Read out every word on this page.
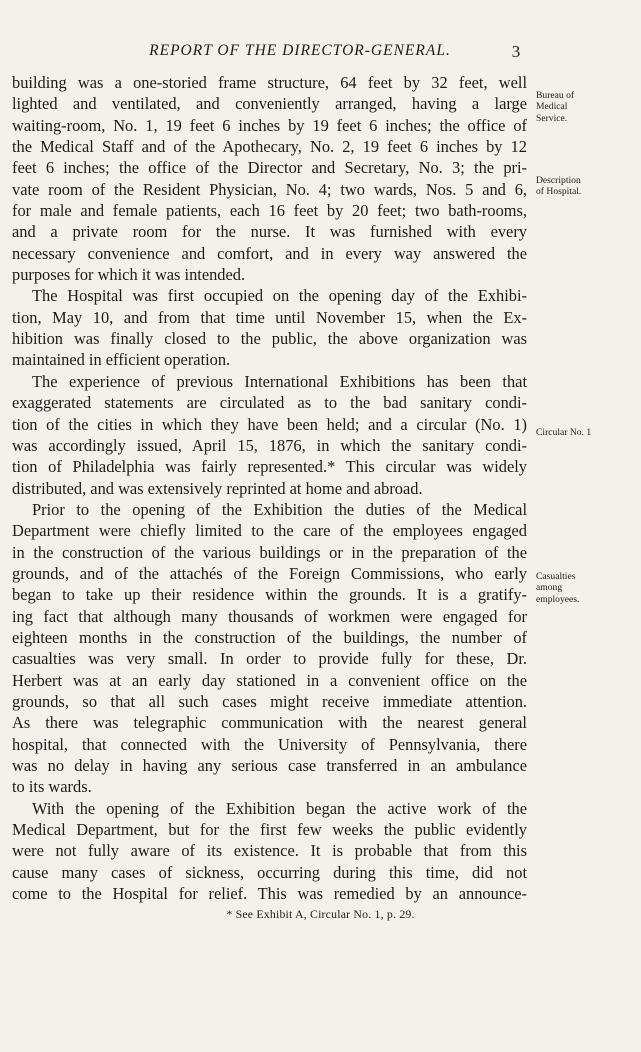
REPORT OF THE DIRECTOR-GENERAL.	3
building was a one-storied frame structure, 64 feet by 32 feet, well
lighted and ventilated, and conveniently arranged, having a large
waiting-room, No. 1, 19 feet 6 inches by 19 feet 6 inches; the office of
the Medical Staff and of the Apothecary, No. 2, 19 feet 6 inches by 12
feet 6 inches; the office of the Director and Secretary, No. 3; the pri-
vate room of the Resident Physician, No. 4; two wards, Nos. 5 and 6,
for male and female patients, each 16 feet by 20 feet; two bath-rooms,
and a private room for the nurse. It was furnished with every
necessary convenience and comfort, and in every way answered the
purposes for which it was intended.
The Hospital was first occupied on the opening day of the Exhibi-
tion, May 10, and from that time until November 15, when the Ex-
hibition was finally closed to the public, the above organization was
maintained in efficient operation.
The experience of previous International Exhibitions has been that
exaggerated statements are circulated as to the bad sanitary condi-
tion of the cities in which they have been held; and a circular (No. 1)
was accordingly issued, April 15, 1876, in which the sanitary condi-
tion of Philadelphia was fairly represented.* This circular was widely
distributed, and was extensively reprinted at home and abroad.
Prior to the opening of the Exhibition the duties of the Medical
Department were chiefly limited to the care of the employees engaged
in the construction of the various buildings or in the preparation of the
grounds, and of the attachés of the Foreign Commissions, who early
began to take up their residence within the grounds. It is a gratify-
ing fact that although many thousands of workmen were engaged for
eighteen months in the construction of the buildings, the number of
casualties was very small. In order to provide fully for these, Dr.
Herbert was at an early day stationed in a convenient office on the
grounds, so that all such cases might receive immediate attention.
As there was telegraphic communication with the nearest general
hospital, that connected with the University of Pennsylvania, there
was no delay in having any serious case transferred in an ambulance
to its wards.
With the opening of the Exhibition began the active work of the
Medical Department, but for the first few weeks the public evidently
were not fully aware of its existence. It is probable that from this
cause many cases of sickness, occurring during this time, did not
come to the Hospital for relief. This was remedied by an announce-
Bureau of
Medical
Service.
Description
of Hospital.
Circular No. 1
Casualties
among
employees.
* See Exhibit A, Circular No. 1, p. 29.
